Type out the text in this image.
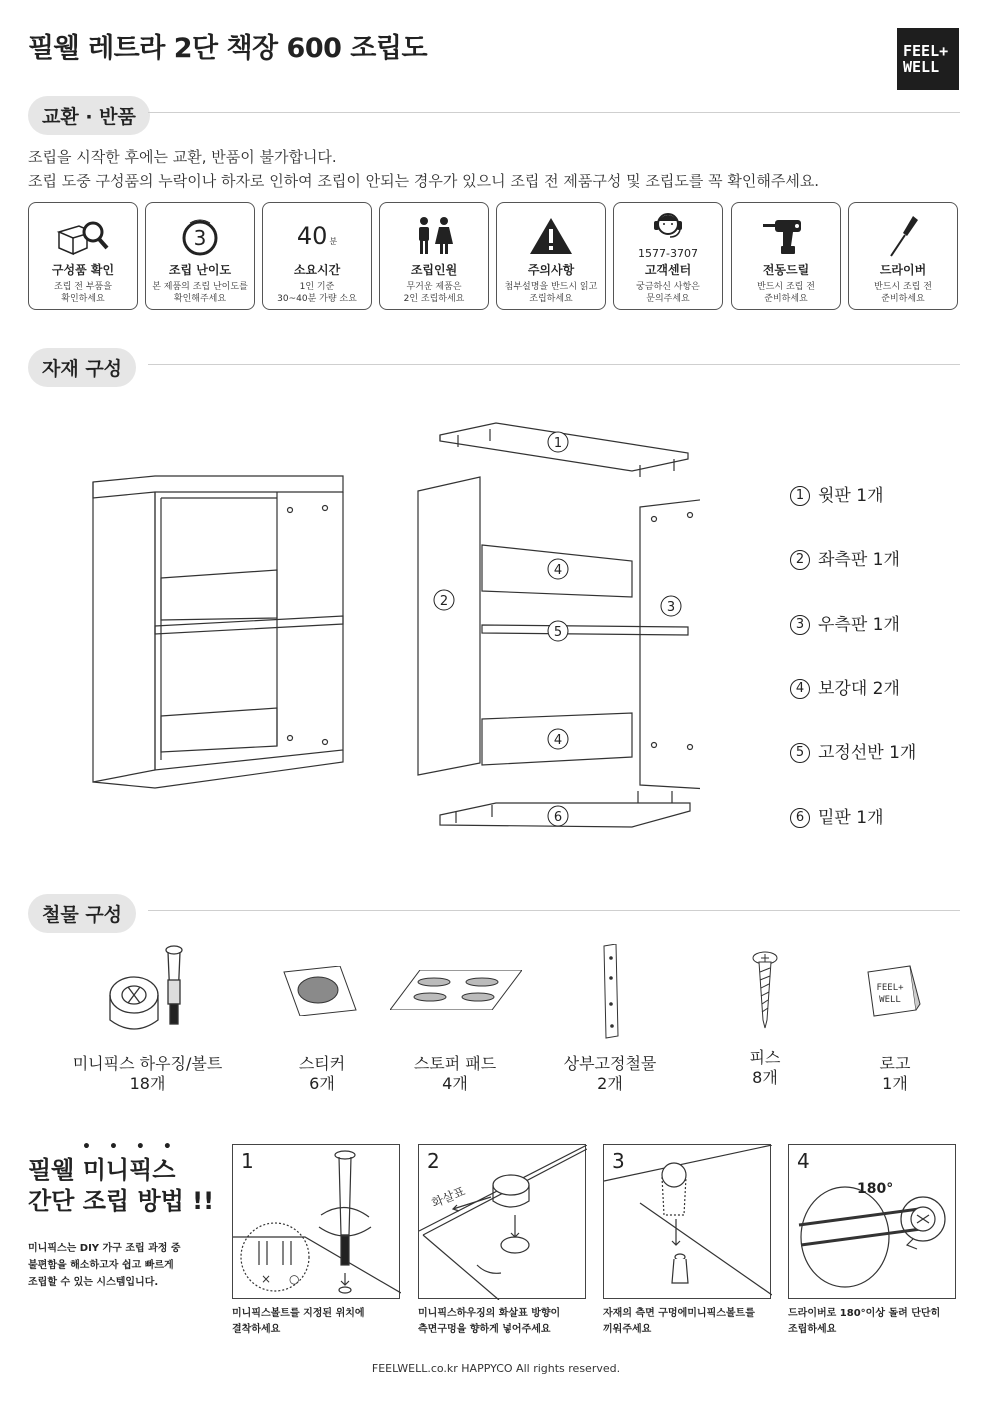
필웰 레트라 2단 책장 600 조립도	FEEL+
WELL
교환 · 반품
조립을 시작한 후에는 교환, 반품이 불가합니다.
조립 도중 구성품의 누락이나 하자로 인하여 조립이 안되는 경우가 있으니 조립 전 제품구성 및 조립도를 꼭 확인해주세요.
구성품 확인
조립 전 부품을
확인하세요
3
조립 난이도
본 제품의 조립 난이도를
확인해주세요
40 분
소요시간
1인 기준
30~40분 가량 소요
조립인원
무거운 제품은
2인 조립하세요
주의사항
첨부설명을 반드시 읽고
조립하세요
1577-3707
고객센터
궁금하신 사항은
문의주세요
전동드릴
반드시 조립 전
준비하세요
드라이버
반드시 조립 전
준비하세요
자재 구성
1
2	3
4
5
4
6
1 윗판 1개
2 좌측판 1개
3 우측판 1개
4 보강대 2개
5 고정선반 1개
6 밑판 1개
철물 구성
FEEL+
WELL
미니픽스 하우징/볼트
18개
스티커
6개
스토퍼 패드
4개
상부고정철물
2개
피스
8개
로고
1개
••••
필웰 미니픽스
간단 조립 방법 !!
미니픽스는 DIY 가구 조립 과정 중
불편함을 해소하고자 쉽고 빠르게
조립할 수 있는 시스템입니다.
1
× ○
미니픽스볼트를 지정된 위치에
결착하세요
2
화살표
미니픽스하우징의 화살표 방향이
측면구멍을 향하게 넣어주세요
3
자재의 측면 구멍에미니픽스볼트를
끼워주세요
4
180°
드라이버로 180°이상 돌려 단단히
조립하세요
FEELWELL.co.kr HAPPYCO All rights reserved.
